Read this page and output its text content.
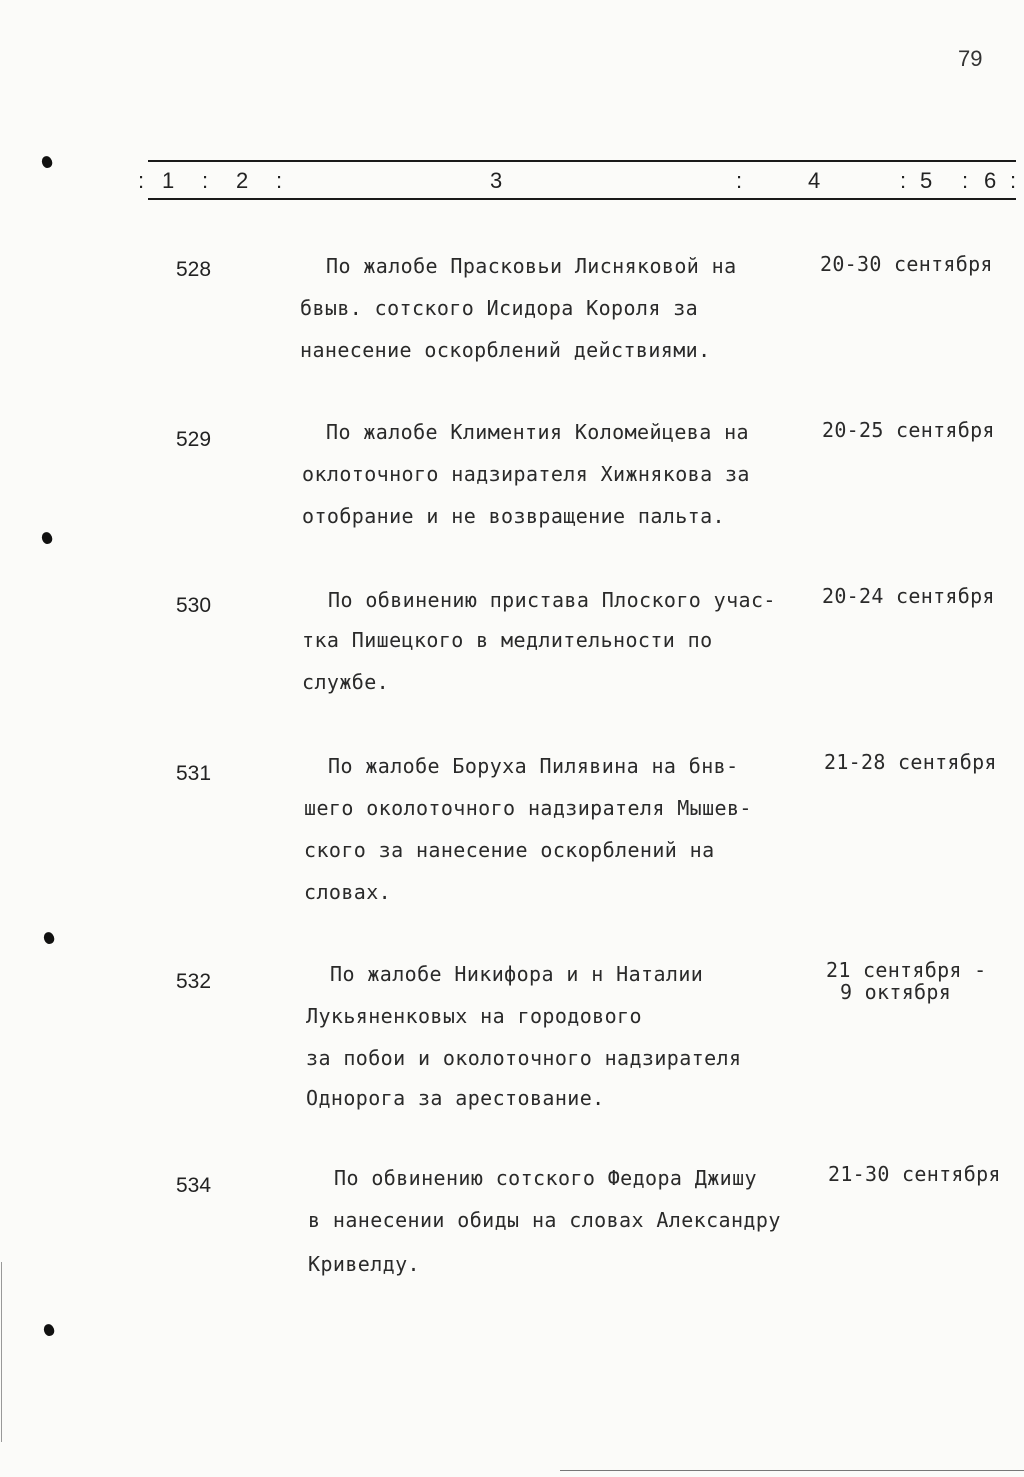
79
: 1 : 2 :	3	:	4	: 5 : 6 :
528	По жалобе Прасковьи Лисняковой на
бвыв. сотского Исидора Короля за
нанесение оскорблений действиями.
20-30 сентября
529	По жалобе Климентия Коломейцева на
оклоточного надзирателя Хижнякова за
отобрание и не возвращение пальта.
20-25 сентября
530	По обвинению пристава Плоского учас-
тка Пишецкого в медлительности по
службе.
20-24 сентября
531	По жалобе Боруха Пилявина на бнв-
шего околоточного надзирателя Мышев-
ского за нанесение оскорблений на
словах.
21-28 сентября
532	По жалобе Никифора и н Наталии
Лукьяненковых на городового
за побои и околоточного надзирателя
Однорога за арестование.
21 сентября -
9 октября
534	По обвинению сотского Федора Джишу
в нанесении обиды на словах Александру
Кривелду.
21-30 сентября
